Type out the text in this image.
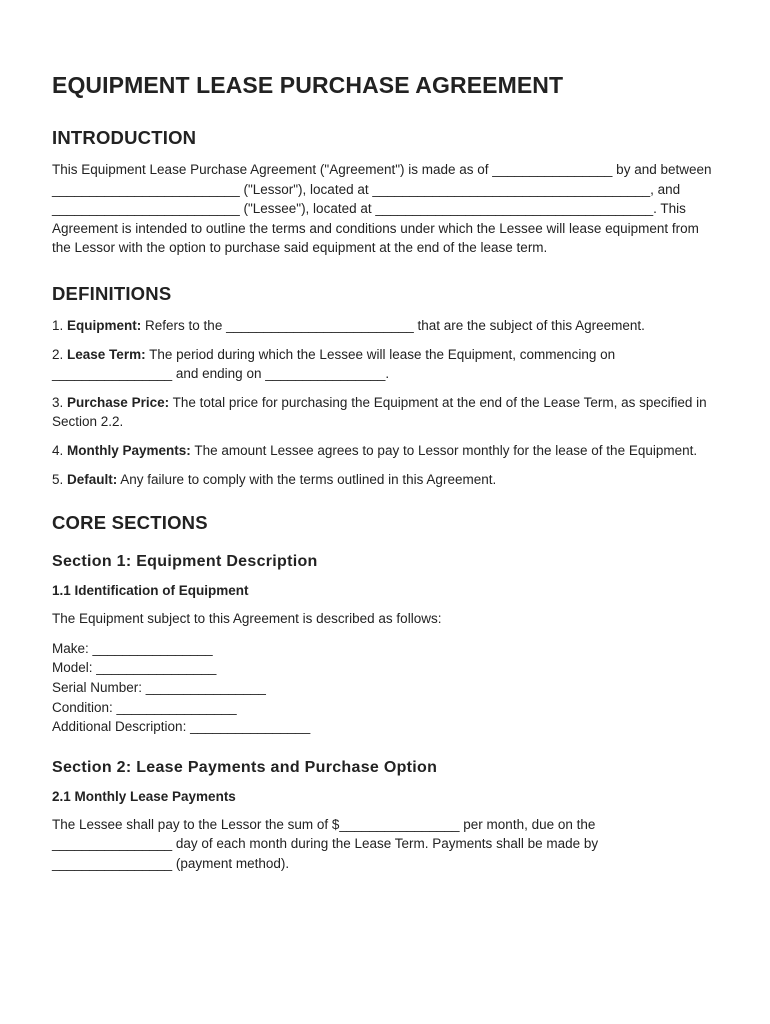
EQUIPMENT LEASE PURCHASE AGREEMENT
INTRODUCTION

This Equipment Lease Purchase Agreement ("Agreement") is made as of ________________ by and between _________________________ ("Lessor"), located at _____________________________________, and _________________________ ("Lessee"), located at _____________________________________. This Agreement is intended to outline the terms and conditions under which the Lessee will lease equipment from the Lessor with the option to purchase said equipment at the end of the lease term.

DEFINITIONS

1. Equipment: Refers to the _________________________ that are the subject of this Agreement.

2. Lease Term: The period during which the Lessee will lease the Equipment, commencing on ________________ and ending on ________________.

3. Purchase Price: The total price for purchasing the Equipment at the end of the Lease Term, as specified in Section 2.2.

4. Monthly Payments: The amount Lessee agrees to pay to Lessor monthly for the lease of the Equipment.

5. Default: Any failure to comply with the terms outlined in this Agreement.

CORE SECTIONS
Section 1: Equipment Description
1.1 Identification of Equipment

The Equipment subject to this Agreement is described as follows:

Make: ________________
Model: ________________
Serial Number: ________________
Condition: ________________
Additional Description: ________________
Section 2: Lease Payments and Purchase Option
2.1 Monthly Lease Payments

The Lessee shall pay to the Lessor the sum of $________________ per month, due on the ________________ day of each month during the Lease Term. Payments shall be made by ________________ (payment method).
